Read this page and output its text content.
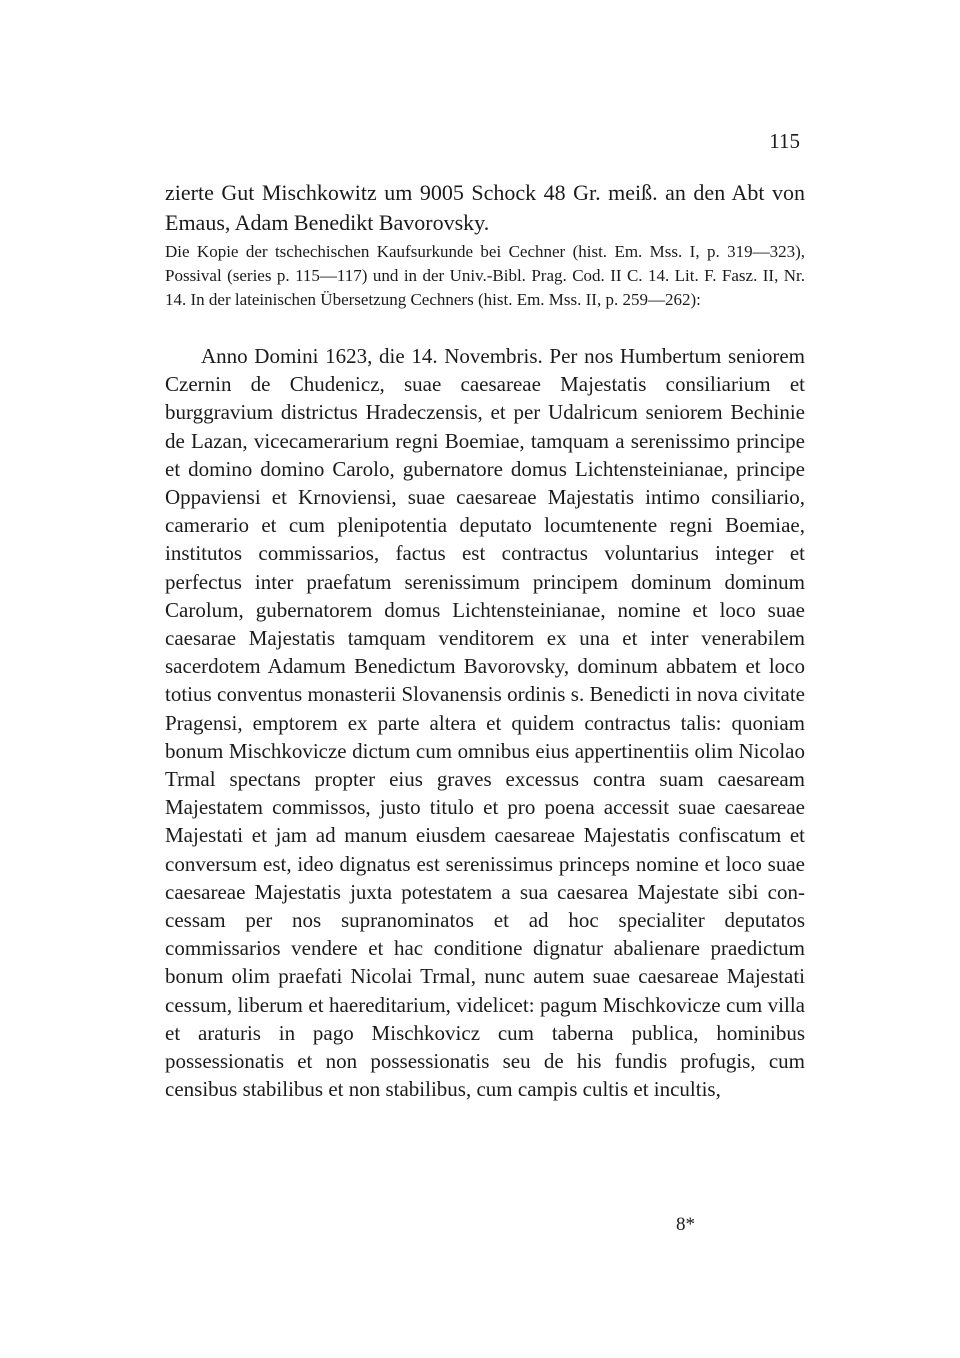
115

zierte Gut Mischkowitz um 9005 Schock 48 Gr. meiß. an den Abt von Emaus, Adam Benedikt Bavorovsky.

Die Kopie der tschechischen Kaufsurkunde bei Cechner (hist. Em. Mss. I, p. 319—323), Possival (series p. 115—117) und in der Univ.-Bibl. Prag. Cod. II C. 14. Lit. F. Fasz. II, Nr. 14. In der lateinischen Übersetzung Cechners (hist. Em. Mss. II, p. 259—262):

Anno Domini 1623, die 14. Novembris. Per nos Humbertum seniorem Czernin de Chudenicz, suae caesareae Majestatis consiliarium et burggravium districtus Hradeczensis, et per Udalricum seniorem Bechinie de Lazan, vicecamerarium regni Boemiae, tamquam a serenissimo principe et domino domino Carolo, gubernatore domus Lichtensteinianae, principe Oppaviensi et Krnoviensi, suae caesareae Majestatis intimo consiliario, camerario et cum plenipotentia deputato locumtenente regni Boemiae, institutos commissarios, factus est contractus voluntarius integer et perfectus inter praefatum serenissimum principem dominum dominum Carolum, gubernatorem domus Lichtensteinianae, nomine et loco suae caesarae Majestatis tamquam venditorem ex una et inter venerabilem sacerdotem Adamum Benedictum Bavorovsky, dominum abbatem et loco totius conventus monasterii Slovanensis ordinis s. Benedicti in nova civitate Pragensi, emptorem ex parte altera et quidem contractus talis: quoniam bonum Mischkovicze dictum cum omnibus eius appertinentiis olim Nicolao Trmal spectans propter eius graves excessus contra suam caesaream Majestatem commissos, justo titulo et pro poena accessit suae caesareae Majestati et jam ad manum eiusdem caesareae Majestatis confiscatum et conversum est, ideo dignatus est serenissimus princeps nomine et loco suae caesareae Majestatis juxta potestatem a sua caesarea Majestate sibi concessam per nos supranominatos et ad hoc specialiter deputatos commissarios vendere et hac conditione dignatur abalienare praedictum bonum olim praefati Nicolai Trmal, nunc autem suae caesareae Majestati cessum, liberum et haereditarium, videlicet: pagum Mischkovicze cum villa et araturis in pago Mischkovicz cum taberna publica, hominibus possessionatis et non possessionatis seu de his fundis profugis, cum censibus stabilibus et non stabilibus, cum campis cultis et incultis,

8*
